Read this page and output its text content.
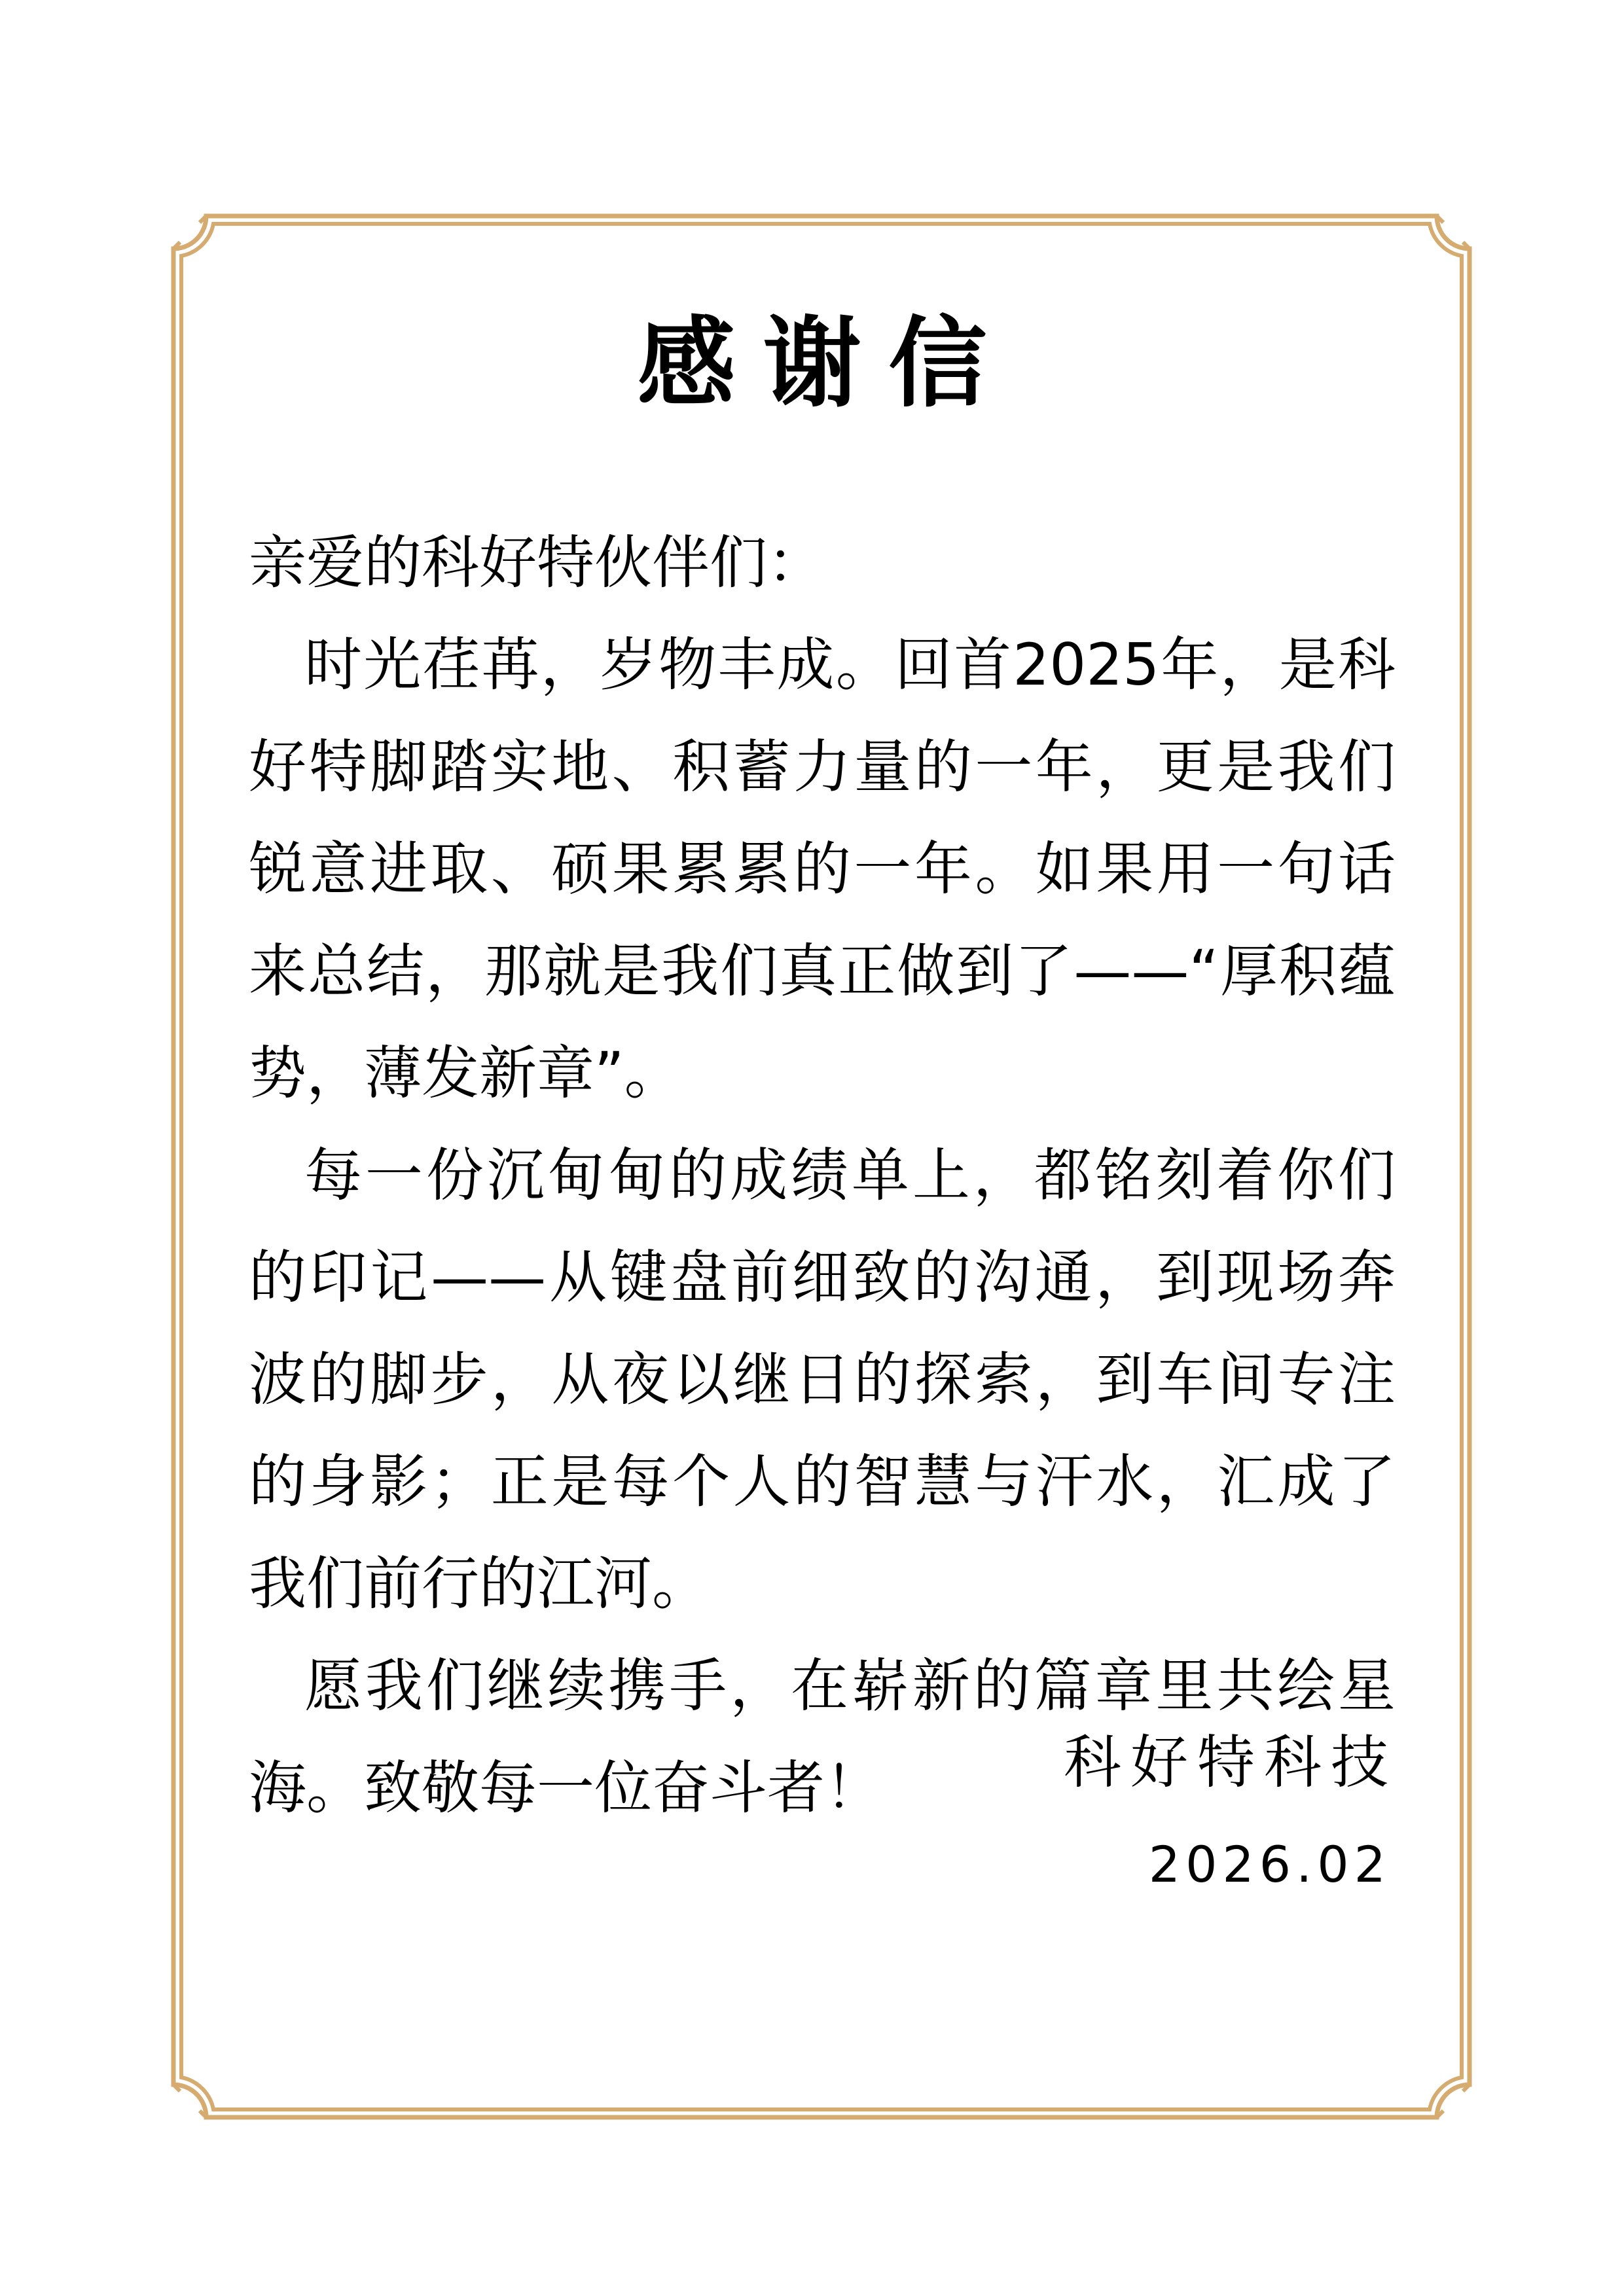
感谢信

亲爱的科好特伙伴们：

时光荏苒，岁物丰成。回首2025年，是科好特脚踏实地、积蓄力量的一年，更是我们锐意进取、硕果累累的一年。如果用一句话来总结，那就是我们真正做到了——“厚积蕴势，薄发新章”。

每一份沉甸甸的成绩单上，都铭刻着你们的印记——从键盘前细致的沟通，到现场奔波的脚步，从夜以继日的探索，到车间专注的身影；正是每个人的智慧与汗水，汇成了我们前行的江河。

愿我们继续携手，在崭新的篇章里共绘星海。致敬每一位奋斗者！	科好特科技
2026.02
